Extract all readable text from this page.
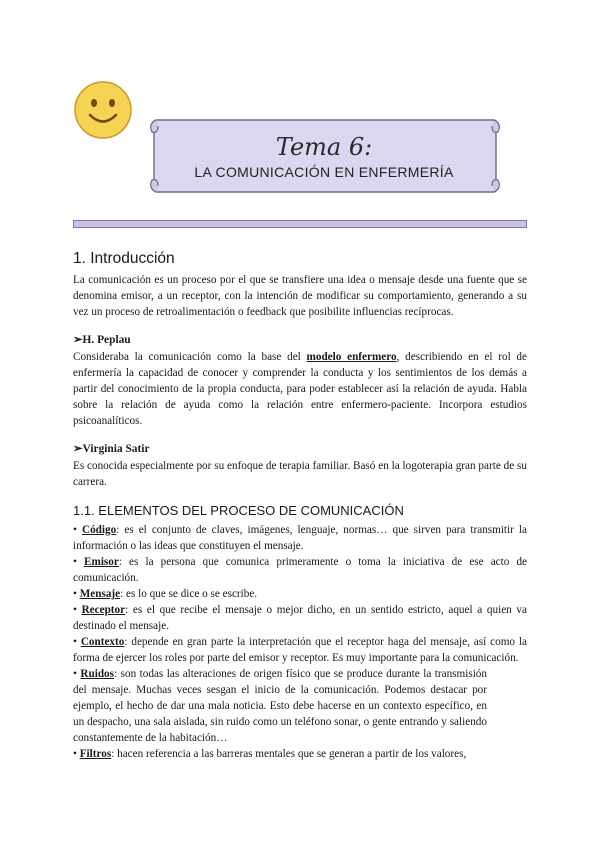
Tema 6:
LA COMUNICACIÓN EN ENFERMERÍA
1. Introducción

La comunicación es un proceso por el que se transfiere una idea o mensaje desde una fuente que se denomina emisor, a un receptor, con la intención de modificar su comportamiento, generando a su vez un proceso de retroalimentación o feedback que posibilite influencias recíprocas.

➢H. Peplau

Consideraba la comunicación como la base del modelo enfermero, describiendo en el rol de enfermería la capacidad de conocer y comprender la conducta y los sentimientos de los demás a partir del conocimiento de la propia conducta, para poder establecer así la relación de ayuda. Habla sobre la relación de ayuda como la relación entre enfermero-paciente. Incorpora estudios psicoanalíticos.

➢Virginia Satir

Es conocida especialmente por su enfoque de terapia familiar. Basó en la logoterapia gran parte de su carrera.

1.1. ELEMENTOS DEL PROCESO DE COMUNICACIÓN

• Código: es el conjunto de claves, imágenes, lenguaje, normas… que sirven para transmitir la información o las ideas que constituyen el mensaje.

• Emisor: es la persona que comunica primeramente o toma la iniciativa de ese acto de comunicación.

• Mensaje: es lo que se dice o se escribe.

• Receptor: es el que recibe el mensaje o mejor dicho, en un sentido estricto, aquel a quien va destinado el mensaje.

• Contexto: depende en gran parte la interpretación que el receptor haga del mensaje, así como la forma de ejercer los roles por parte del emisor y receptor. Es muy importante para la comunicación.

• Ruidos: son todas las alteraciones de origen físico que se produce durante la transmisión del mensaje. Muchas veces sesgan el inicio de la comunicación. Podemos destacar por ejemplo, el hecho de dar una mala noticia. Esto debe hacerse en un contexto específico, en un despacho, una sala aislada, sin ruido como un teléfono sonar, o gente entrando y saliendo constantemente de la habitación…

• Filtros: hacen referencia a las barreras mentales que se generan a partir de los valores,
